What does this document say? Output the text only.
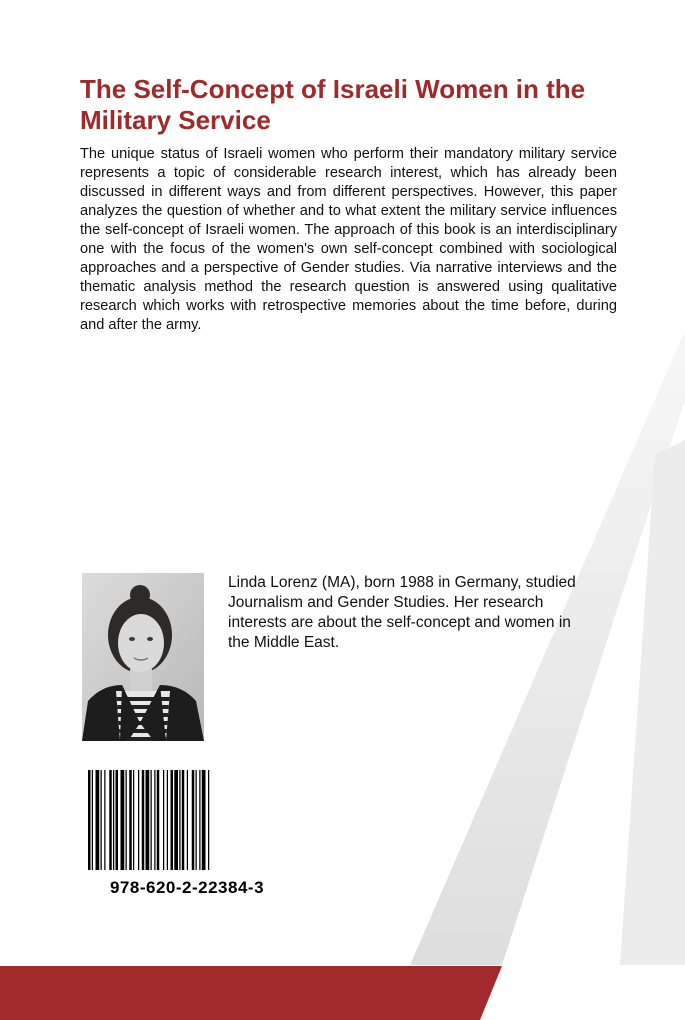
The Self-Concept of Israeli Women in the Military Service

The unique status of Israeli women who perform their mandatory military service represents a topic of considerable research interest, which has already been discussed in different ways and from different perspectives. However, this paper analyzes the question of whether and to what extent the military service influences the self-concept of Israeli women. The approach of this book is an interdisciplinary one with the focus of the women's own self-concept combined with sociological approaches and a perspective of Gender studies. Via narrative interviews and the thematic analysis method the research question is answered using qualitative research which works with retrospective memories about the time before, during and after the army.

Linda Lorenz (MA), born 1988 in Germany, studied Journalism and Gender Studies. Her research interests are about the self-concept and women in the Middle East.

978-620-2-22384-3
